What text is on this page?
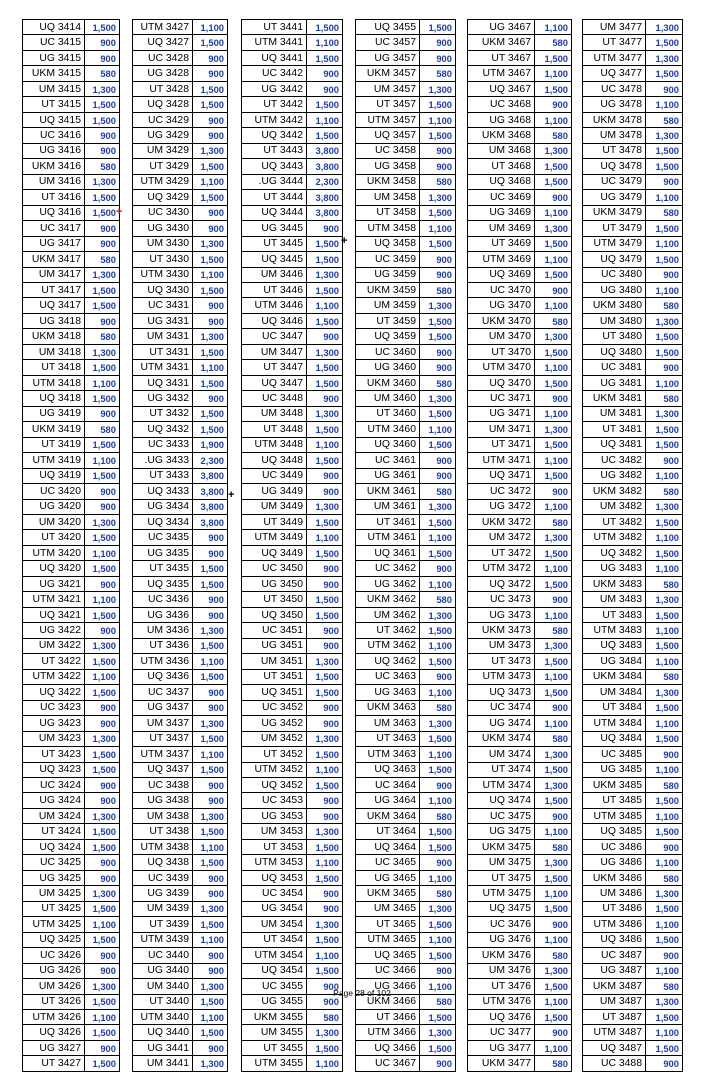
UQ 3414	1,500
UC 3415	900
UG 3415	900
UKM 3415	580
UM 3415	1,300
UT 3415	1,500
UQ 3415	1,500
UC 3416	900
UG 3416	900
UKM 3416	580
UM 3416	1,300
UT 3416	1,500
UQ 3416	1,500
UC 3417	900
UG 3417	900
UKM 3417	580
UM 3417	1,300
UT 3417	1,500
UQ 3417	1,500
UG 3418	900
UKM 3418	580
UM 3418	1,300
UT 3418	1,500
UTM 3418	1,100
UQ 3418	1,500
UG 3419	900
UKM 3419	580
UT 3419	1,500
UTM 3419	1,100
UQ 3419	1,500
UC 3420	900
UG 3420	900
UM 3420	1,300
UT 3420	1,500
UTM 3420	1,100
UQ 3420	1,500
UG 3421	900
UTM 3421	1,100
UQ 3421	1,500
UG 3422	900
UM 3422	1,300
UT 3422	1,500
UTM 3422	1,100
UQ 3422	1,500
UC 3423	900
UG 3423	900
UM 3423	1,300
UT 3423	1,500
UQ 3423	1,500
UC 3424	900
UG 3424	900
UM 3424	1,300
UT 3424	1,500
UQ 3424	1,500
UC 3425	900
UG 3425	900
UM 3425	1,300
UT 3425	1,500
UTM 3425	1,100
UQ 3425	1,500
UC 3426	900
UG 3426	900
UM 3426	1,300
UT 3426	1,500
UTM 3426	1,100
UQ 3426	1,500
UG 3427	900
UT 3427	1,500
UTM 3427	1,100
UQ 3427	1,500
UC 3428	900
UG 3428	900
UT 3428	1,500
UQ 3428	1,500
UC 3429	900
UG 3429	900
UM 3429	1,300
UT 3429	1,500
UTM 3429	1,100
UQ 3429	1,500
UC 3430	900
UG 3430	900
UM 3430	1,300
UT 3430	1,500
UTM 3430	1,100
UQ 3430	1,500
UC 3431	900
UG 3431	900
UM 3431	1,300
UT 3431	1,500
UTM 3431	1,100
UQ 3431	1,500
UG 3432	900
UT 3432	1,500
UQ 3432	1,500
UC 3433	1,900
.UG 3433	2,300
UT 3433	3,800
UQ 3433	3,800
UG 3434	3,800
UQ 3434	3,800
UC 3435	900
UG 3435	900
UT 3435	1,500
UQ 3435	1,500
UC 3436	900
UG 3436	900
UM 3436	1,300
UT 3436	1,500
UTM 3436	1,100
UQ 3436	1,500
UC 3437	900
UG 3437	900
UM 3437	1,300
UT 3437	1,500
UTM 3437	1,100
UQ 3437	1,500
UC 3438	900
UG 3438	900
UM 3438	1,300
UT 3438	1,500
UTM 3438	1,100
UQ 3438	1,500
UC 3439	900
UG 3439	900
UM 3439	1,300
UT 3439	1,500
UTM 3439	1,100
UC 3440	900
UG 3440	900
UM 3440	1,300
UT 3440	1,500
UTM 3440	1,100
UQ 3440	1,500
UG 3441	900
UM 3441	1,300
UT 3441	1,500
UTM 3441	1,100
UQ 3441	1,500
UC 3442	900
UG 3442	900
UT 3442	1,500
UTM 3442	1,100
UQ 3442	1,500
UT 3443	3,800
UQ 3443	3,800
.UG 3444	2,300
UT 3444	3,800
UQ 3444	3,800
UG 3445	900
UT 3445	1,500
UQ 3445	1,500
UM 3446	1,300
UT 3446	1,500
UTM 3446	1,100
UQ 3446	1,500
UC 3447	900
UM 3447	1,300
UT 3447	1,500
UQ 3447	1,500
UC 3448	900
UM 3448	1,300
UT 3448	1,500
UTM 3448	1,100
UQ 3448	1,500
UC 3449	900
UG 3449	900
UM 3449	1,300
UT 3449	1,500
UTM 3449	1,100
UQ 3449	1,500
UC 3450	900
UG 3450	900
UT 3450	1,500
UQ 3450	1,500
UC 3451	900
UG 3451	900
UM 3451	1,300
UT 3451	1,500
UQ 3451	1,500
UC 3452	900
UG 3452	900
UM 3452	1,300
UT 3452	1,500
UTM 3452	1,100
UQ 3452	1,500
UC 3453	900
UG 3453	900
UM 3453	1,300
UT 3453	1,500
UTM 3453	1,100
UQ 3453	1,500
UC 3454	900
UG 3454	900
UM 3454	1,300
UT 3454	1,500
UTM 3454	1,100
UQ 3454	1,500
UC 3455	900
UG 3455	900
UKM 3455	580
UM 3455	1,300
UT 3455	1,500
UTM 3455	1,100
UQ 3455	1,500
UC 3457	900
UG 3457	900
UKM 3457	580
UM 3457	1,300
UT 3457	1,500
UTM 3457	1,100
UQ 3457	1,500
UC 3458	900
UG 3458	900
UKM 3458	580
UM 3458	1,300
UT 3458	1,500
UTM 3458	1,100
UQ 3458	1,500
UC 3459	900
UG 3459	900
UKM 3459	580
UM 3459	1,300
UT 3459	1,500
UQ 3459	1,500
UC 3460	900
UG 3460	900
UKM 3460	580
UM 3460	1,300
UT 3460	1,500
UTM 3460	1,100
UQ 3460	1,500
UC 3461	900
UG 3461	900
UKM 3461	580
UM 3461	1,300
UT 3461	1,500
UTM 3461	1,100
UQ 3461	1,500
UC 3462	900
UG 3462	1,100
UKM 3462	580
UM 3462	1,300
UT 3462	1,500
UTM 3462	1,100
UQ 3462	1,500
UC 3463	900
UG 3463	1,100
UKM 3463	580
UM 3463	1,300
UT 3463	1,500
UTM 3463	1,100
UQ 3463	1,500
UC 3464	900
UG 3464	1,100
UKM 3464	580
UT 3464	1,500
UQ 3464	1,500
UC 3465	900
UG 3465	1,100
UKM 3465	580
UM 3465	1,300
UT 3465	1,500
UTM 3465	1,100
UQ 3465	1,500
UC 3466	900
UG 3466	1,100
UKM 3466	580
UT 3466	1,500
UTM 3466	1,300
UQ 3466	1,500
UC 3467	900
UG 3467	1,100
UKM 3467	580
UT 3467	1,500
UTM 3467	1,100
UQ 3467	1,500
UC 3468	900
UG 3468	1,100
UKM 3468	580
UM 3468	1,300
UT 3468	1,500
UQ 3468	1,500
UC 3469	900
UG 3469	1,100
UM 3469	1,300
UT 3469	1,500
UTM 3469	1,100
UQ 3469	1,500
UC 3470	900
UG 3470	1,100
UKM 3470	580
UM 3470	1,300
UT 3470	1,500
UTM 3470	1,100
UQ 3470	1,500
UC 3471	900
UG 3471	1,100
UM 3471	1,300
UT 3471	1,500
UTM 3471	1,100
UQ 3471	1,500
UC 3472	900
UG 3472	1,100
UKM 3472	580
UM 3472	1,300
UT 3472	1,500
UTM 3472	1,100
UQ 3472	1,500
UC 3473	900
UG 3473	1,100
UKM 3473	580
UM 3473	1,300
UT 3473	1,500
UTM 3473	1,100
UQ 3473	1,500
UC 3474	900
UG 3474	1,100
UKM 3474	580
UM 3474	1,300
UT 3474	1,500
UTM 3474	1,300
UQ 3474	1,500
UC 3475	900
UG 3475	1,100
UKM 3475	580
UM 3475	1,300
UT 3475	1,500
UTM 3475	1,100
UQ 3475	1,500
UC 3476	900
UG 3476	1,100
UKM 3476	580
UM 3476	1,300
UT 3476	1,500
UTM 3476	1,100
UQ 3476	1,500
UC 3477	900
UG 3477	1,100
UKM 3477	580
UM 3477	1,300
UT 3477	1,500
UTM 3477	1,300
UQ 3477	1,500
UC 3478	900
UG 3478	1,100
UKM 3478	580
UM 3478	1,300
UT 3478	1,500
UQ 3478	1,500
UC 3479	900
UG 3479	1,100
UKM 3479	580
UT 3479	1,500
UTM 3479	1,100
UQ 3479	1,500
UC 3480	900
UG 3480	1,100
UKM 3480	580
UM 3480	1,300
UT 3480	1,500
UQ 3480	1,500
UC 3481	900
UG 3481	1,100
UKM 3481	580
UM 3481	1,300
UT 3481	1,500
UQ 3481	1,500
UC 3482	900
UG 3482	1,100
UKM 3482	580
UM 3482	1,300
UT 3482	1,500
UTM 3482	1,100
UQ 3482	1,500
UG 3483	1,100
UKM 3483	580
UM 3483	1,300
UT 3483	1,500
UTM 3483	1,100
UQ 3483	1,500
UG 3484	1,100
UKM 3484	580
UM 3484	1,300
UT 3484	1,500
UTM 3484	1,100
UQ 3484	1,500
UC 3485	900
UG 3485	1,100
UKM 3485	580
UT 3485	1,500
UTM 3485	1,100
UQ 3485	1,500
UC 3486	900
UG 3486	1,100
UKM 3486	580
UM 3486	1,300
UT 3486	1,500
UTM 3486	1,100
UQ 3486	1,500
UC 3487	900
UG 3487	1,100
UKM 3487	580
UM 3487	1,300
UT 3487	1,500
UTM 3487	1,100
UQ 3487	1,500
UC 3488	900
+
+
+
Page 28 of 102
